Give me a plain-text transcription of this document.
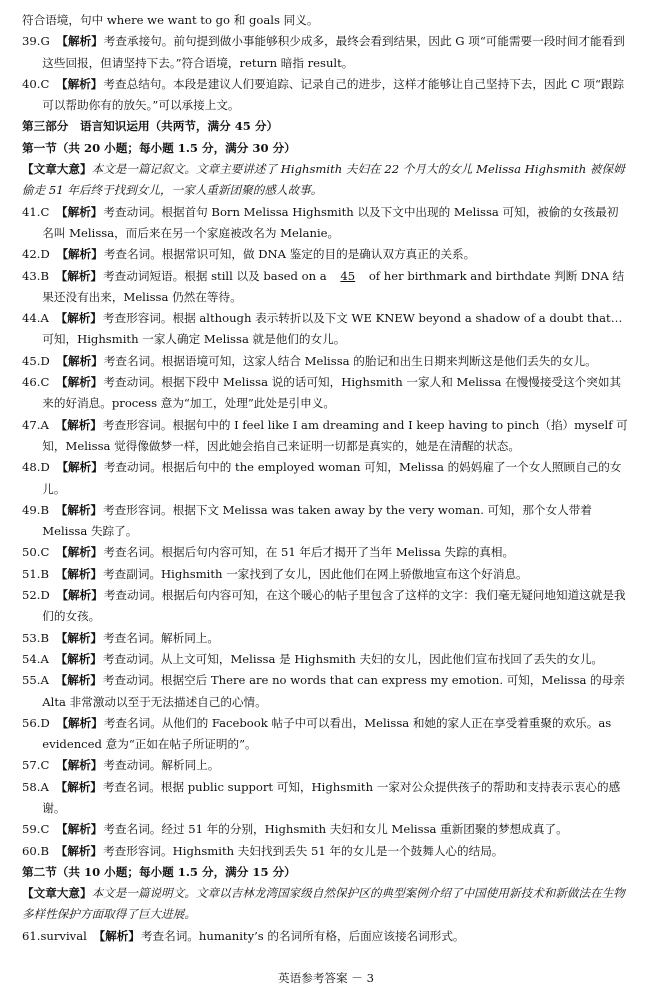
符合语境，句中 where we want to go 和 goals 同义。

39.G 【解析】考查承接句。前句提到做小事能够积少成多，最终会看到结果，因此 G 项“可能需要一段时间才能看到这些回报，但请坚持下去。”符合语境，return 暗指 result。

40.C 【解析】考查总结句。本段是建议人们要追踪、记录自己的进步，这样才能够让自己坚持下去，因此 C 项“跟踪可以帮助你有的放矢。”可以承接上文。

第三部分　语言知识运用（共两节，满分 45 分）

第一节（共 20 小题；每小题 1.5 分，满分 30 分）

【文章大意】本文是一篇记叙文。文章主要讲述了 Highsmith 夫妇在 22 个月大的女儿 Melissa Highsmith 被保姆偷走 51 年后终于找到女儿，一家人重新团聚的感人故事。

41.C 【解析】考查动词。根据首句 Born Melissa Highsmith 以及下文中出现的 Melissa 可知，被偷的女孩最初名叫 Melissa，而后来在另一个家庭被改名为 Melanie。

42.D 【解析】考查名词。根据常识可知，做 DNA 鉴定的目的是确认双方真正的关系。

43.B 【解析】考查动词短语。根据 still 以及 based on a 45 of her birthmark and birthdate 判断 DNA 结果还没有出来，Melissa 仍然在等待。

44.A 【解析】考查形容词。根据 although 表示转折以及下文 WE KNEW beyond a shadow of a doubt that…可知，Highsmith 一家人确定 Melissa 就是他们的女儿。

45.D 【解析】考查名词。根据语境可知，这家人结合 Melissa 的胎记和出生日期来判断这是他们丢失的女儿。

46.C 【解析】考查动词。根据下段中 Melissa 说的话可知，Highsmith 一家人和 Melissa 在慢慢接受这个突如其来的好消息。process 意为“加工，处理”此处是引申义。

47.A 【解析】考查形容词。根据句中的 I feel like I am dreaming and I keep having to pinch（掐）myself 可知，Melissa 觉得像做梦一样，因此她会掐自己来证明一切都是真实的，她是在清醒的状态。

48.D 【解析】考查动词。根据后句中的 the employed woman 可知，Melissa 的妈妈雇了一个女人照顾自己的女儿。

49.B 【解析】考查形容词。根据下文 Melissa was taken away by the very woman. 可知，那个女人带着 Melissa 失踪了。

50.C 【解析】考查名词。根据后句内容可知，在 51 年后才揭开了当年 Melissa 失踪的真相。

51.B 【解析】考查副词。Highsmith 一家找到了女儿，因此他们在网上骄傲地宣布这个好消息。

52.D 【解析】考查动词。根据后句内容可知，在这个暖心的帖子里包含了这样的文字：我们毫无疑问地知道这就是我们的女孩。

53.B 【解析】考查名词。解析同上。

54.A 【解析】考查动词。从上文可知，Melissa 是 Highsmith 夫妇的女儿，因此他们宣布找回了丢失的女儿。

55.A 【解析】考查动词。根据空后 There are no words that can express my emotion. 可知，Melissa 的母亲 Alta 非常激动以至于无法描述自己的心情。

56.D 【解析】考查名词。从他们的 Facebook 帖子中可以看出，Melissa 和她的家人正在享受着重聚的欢乐。as evidenced 意为“正如在帖子所证明的”。

57.C 【解析】考查动词。解析同上。

58.A 【解析】考查名词。根据 public support 可知，Highsmith 一家对公众提供孩子的帮助和支持表示衷心的感谢。

59.C 【解析】考查名词。经过 51 年的分别，Highsmith 夫妇和女儿 Melissa 重新团聚的梦想成真了。

60.B 【解析】考查形容词。Highsmith 夫妇找到丢失 51 年的女儿是一个鼓舞人心的结局。

第二节（共 10 小题；每小题 1.5 分，满分 15 分）

【文章大意】本文是一篇说明文。文章以吉林龙湾国家级自然保护区的典型案例介绍了中国使用新技术和新做法在生物多样性保护方面取得了巨大进展。

61.survival 【解析】考查名词。humanity’s 的名词所有格，后面应该接名词形式。

英语参考答案 － 3
